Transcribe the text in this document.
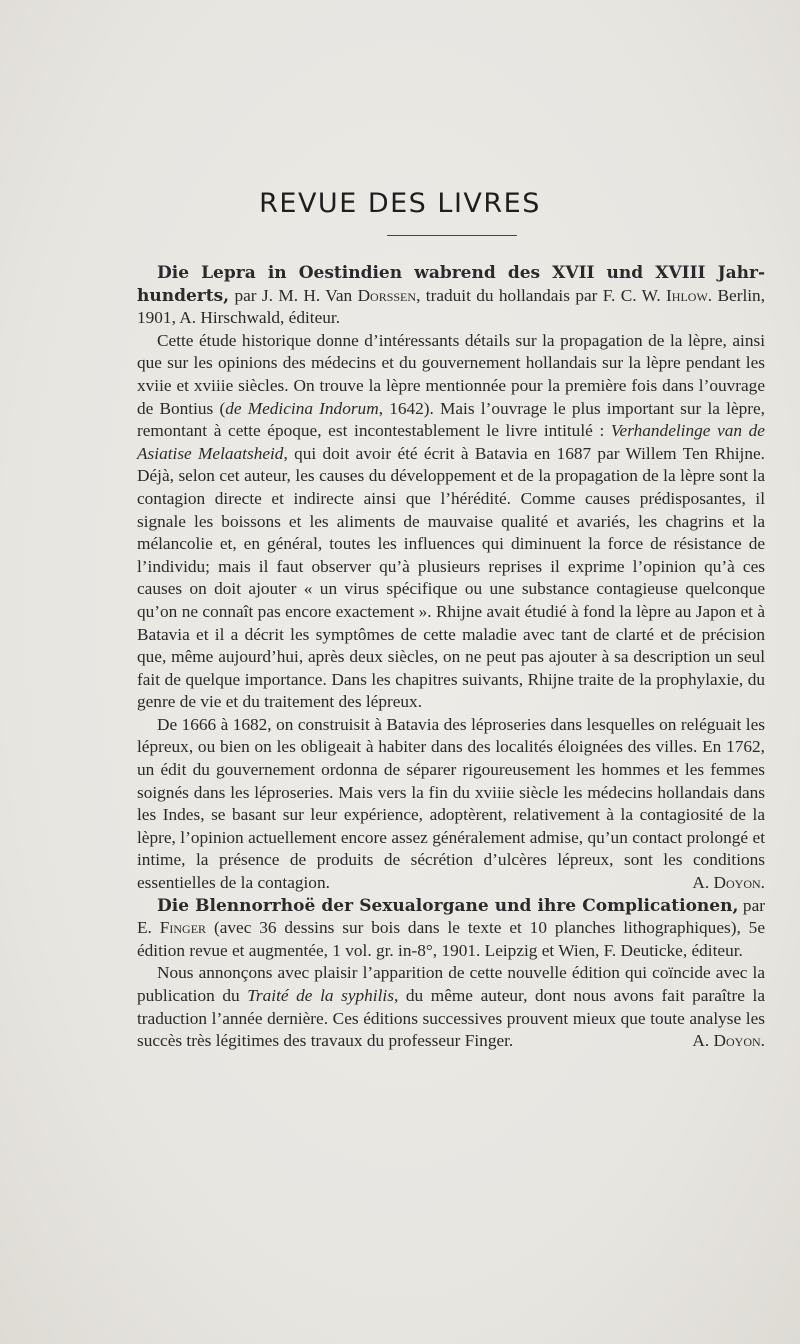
REVUE DES LIVRES

Die Lepra in Oestindien wabrend des XVII und XVIII Jahr-hunderts, par J. M. H. Van Dorssen, traduit du hollandais par F. C. W. Ihlow. Berlin, 1901, A. Hirschwald, éditeur.

Cette étude historique donne d’intéressants détails sur la propagation de la lèpre, ainsi que sur les opinions des médecins et du gouvernement hollandais sur la lèpre pendant les xviie et xviiie siècles. On trouve la lèpre mentionnée pour la première fois dans l’ouvrage de Bontius (de Medicina Indorum, 1642). Mais l’ouvrage le plus important sur la lèpre, remontant à cette époque, est incontestablement le livre intitulé : Verhandelinge van de Asiatise Melaatsheid, qui doit avoir été écrit à Batavia en 1687 par Willem Ten Rhijne. Déjà, selon cet auteur, les causes du développement et de la propagation de la lèpre sont la contagion directe et indirecte ainsi que l’hérédité. Comme causes prédisposantes, il signale les boissons et les aliments de mauvaise qualité et avariés, les chagrins et la mélancolie et, en général, toutes les influences qui diminuent la force de résistance de l’individu; mais il faut observer qu’à plusieurs reprises il exprime l’opinion qu’à ces causes on doit ajouter « un virus spécifique ou une substance contagieuse quelconque qu’on ne connaît pas encore exactement ». Rhijne avait étudié à fond la lèpre au Japon et à Batavia et il a décrit les symptômes de cette maladie avec tant de clarté et de précision que, même aujourd’hui, après deux siècles, on ne peut pas ajouter à sa description un seul fait de quelque importance. Dans les chapitres suivants, Rhijne traite de la prophylaxie, du genre de vie et du traitement des lépreux.

De 1666 à 1682, on construisit à Batavia des léproseries dans lesquelles on reléguait les lépreux, ou bien on les obligeait à habiter dans des localités éloignées des villes. En 1762, un édit du gouvernement ordonna de séparer rigoureusement les hommes et les femmes soignés dans les léproseries. Mais vers la fin du xviiie siècle les médecins hollandais dans les Indes, se basant sur leur expérience, adoptèrent, relativement à la contagiosité de la lèpre, l’opinion actuellement encore assez généralement admise, qu’un contact prolongé et intime, la présence de produits de sécrétion d’ulcères lépreux, sont les conditions essentielles de la contagion.	A. Doyon.

Die Blennorrhoë der Sexualorgane und ihre Complicationen, par E. Finger (avec 36 dessins sur bois dans le texte et 10 planches lithographiques), 5e édition revue et augmentée, 1 vol. gr. in-8°, 1901. Leipzig et Wien, F. Deuticke, éditeur.

Nous annonçons avec plaisir l’apparition de cette nouvelle édition qui coïncide avec la publication du Traité de la syphilis, du même auteur, dont nous avons fait paraître la traduction l’année dernière. Ces éditions successives prouvent mieux que toute analyse les succès très légitimes des travaux du professeur Finger.	A. Doyon.
